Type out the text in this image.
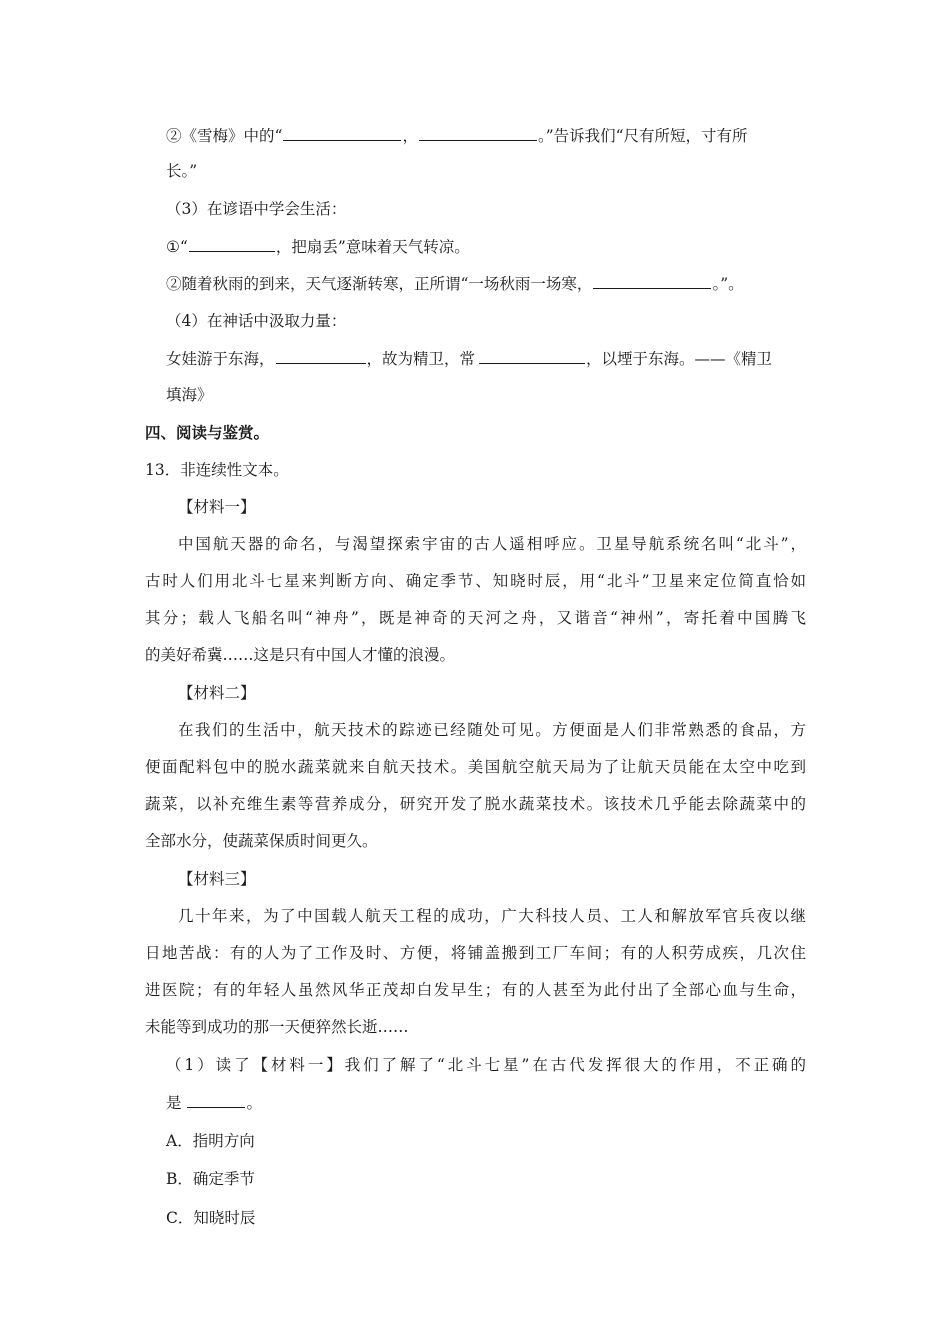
②《雪梅》中的“	，	。”告诉我们“尺有所短，寸有所
长。”
（3）在谚语中学会生活：
①“	，把扇丢”意味着天气转凉。
②随着秋雨的到来，天气逐渐转寒，正所谓“一场秋雨一场寒，	。”。
（4）在神话中汲取力量：
女娃游于东海，	，故为精卫，常	，以堙于东海。——《精卫
填海》
四、阅读与鉴赏。
13．非连续性文本。
【材料一】
中国航天器的命名，与渴望探索宇宙的古人遥相呼应。卫星导航系统名叫“北斗”，
古时人们用北斗七星来判断方向、确定季节、知晓时辰，用“北斗”卫星来定位简直恰如
其分；载人飞船名叫“神舟”，既是神奇的天河之舟，又谐音“神州”，寄托着中国腾飞
的美好希冀……这是只有中国人才懂的浪漫。
【材料二】
在我们的生活中，航天技术的踪迹已经随处可见。方便面是人们非常熟悉的食品，方
便面配料包中的脱水蔬菜就来自航天技术。美国航空航天局为了让航天员能在太空中吃到
蔬菜，以补充维生素等营养成分，研究开发了脱水蔬菜技术。该技术几乎能去除蔬菜中的
全部水分，使蔬菜保质时间更久。
【材料三】
几十年来，为了中国载人航天工程的成功，广大科技人员、工人和解放军官兵夜以继
日地苦战：有的人为了工作及时、方便，将铺盖搬到工厂车间；有的人积劳成疾，几次住
进医院；有的年轻人虽然风华正茂却白发早生；有的人甚至为此付出了全部心血与生命，
未能等到成功的那一天便猝然长逝……
（1）读了【材料一】我们了解了“北斗七星”在古代发挥很大的作用，不正确的
是	。
A．指明方向
B．确定季节
C．知晓时辰
